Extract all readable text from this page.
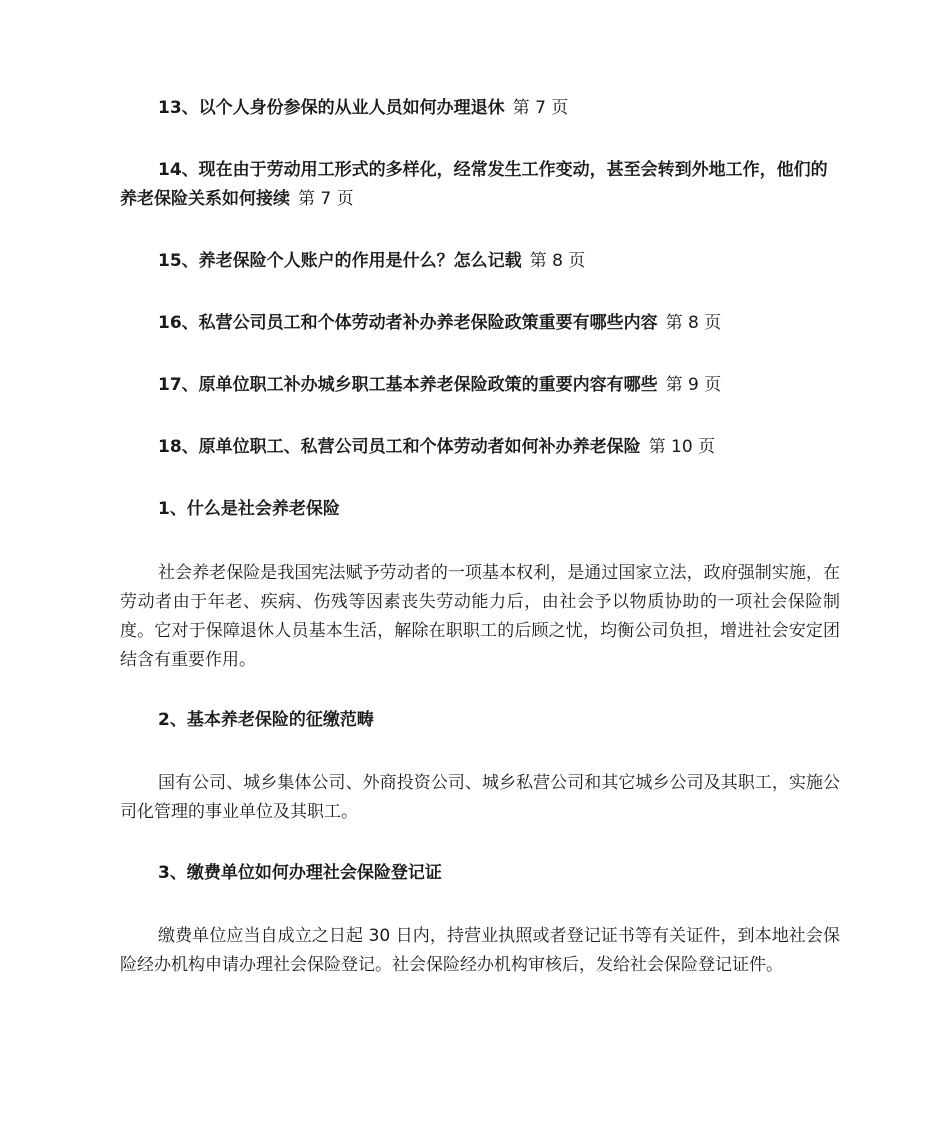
13、以个人身份参保的从业人员如何办理退休 第 7 页
14、现在由于劳动用工形式的多样化，经常发生工作变动，甚至会转到外地工作，他们的养老保险关系如何接续 第 7 页
15、养老保险个人账户的作用是什么？怎么记载 第 8 页
16、私营公司员工和个体劳动者补办养老保险政策重要有哪些内容 第 8 页
17、原单位职工补办城乡职工基本养老保险政策的重要内容有哪些 第 9 页
18、原单位职工、私营公司员工和个体劳动者如何补办养老保险 第 10 页
1、什么是社会养老保险
社会养老保险是我国宪法赋予劳动者的一项基本权利，是通过国家立法，政府强制实施，在劳动者由于年老、疾病、伤残等因素丧失劳动能力后，由社会予以物质协助的一项社会保险制度。它对于保障退休人员基本生活，解除在职职工的后顾之忧，均衡公司负担，增进社会安定团结含有重要作用。
2、基本养老保险的征缴范畴
国有公司、城乡集体公司、外商投资公司、城乡私营公司和其它城乡公司及其职工，实施公司化管理的事业单位及其职工。
3、缴费单位如何办理社会保险登记证
缴费单位应当自成立之日起 30 日内，持营业执照或者登记证书等有关证件，到本地社会保险经办机构申请办理社会保险登记。社会保险经办机构审核后，发给社会保险登记证件。
